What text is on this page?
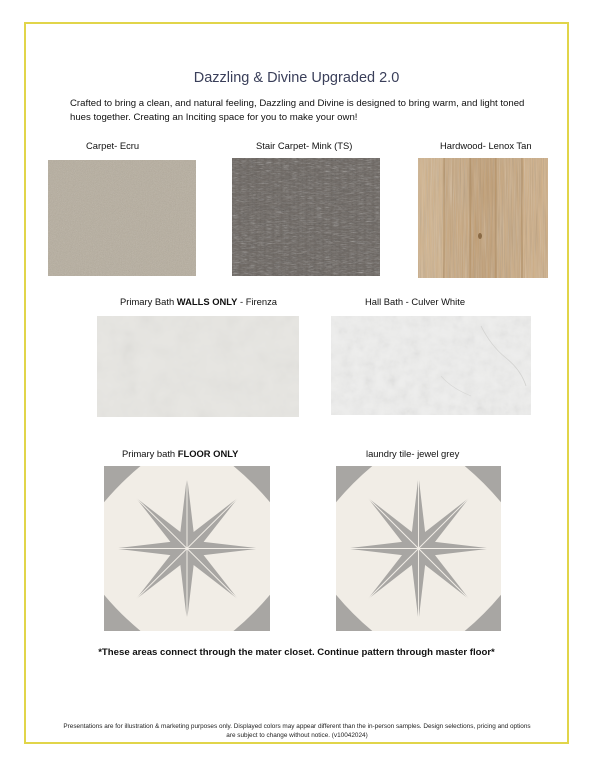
Dazzling & Divine Upgraded 2.0
Crafted to bring a clean, and natural feeling, Dazzling and Divine is designed to bring warm, and light toned hues together. Creating an Inciting space for you to make your own!
Carpet- Ecru	Stair Carpet- Mink (TS)	Hardwood- Lenox Tan
Primary Bath WALLS ONLY - Firenza	Hall Bath - Culver White
Primary bath FLOOR ONLY	laundry tile- jewel grey
*These areas connect through the mater closet. Continue pattern through master floor*
Presentations are for illustration & marketing purposes only. Displayed colors may appear different than the in-person samples. Design selections, pricing and options are subject to change without notice. (v10042024)
